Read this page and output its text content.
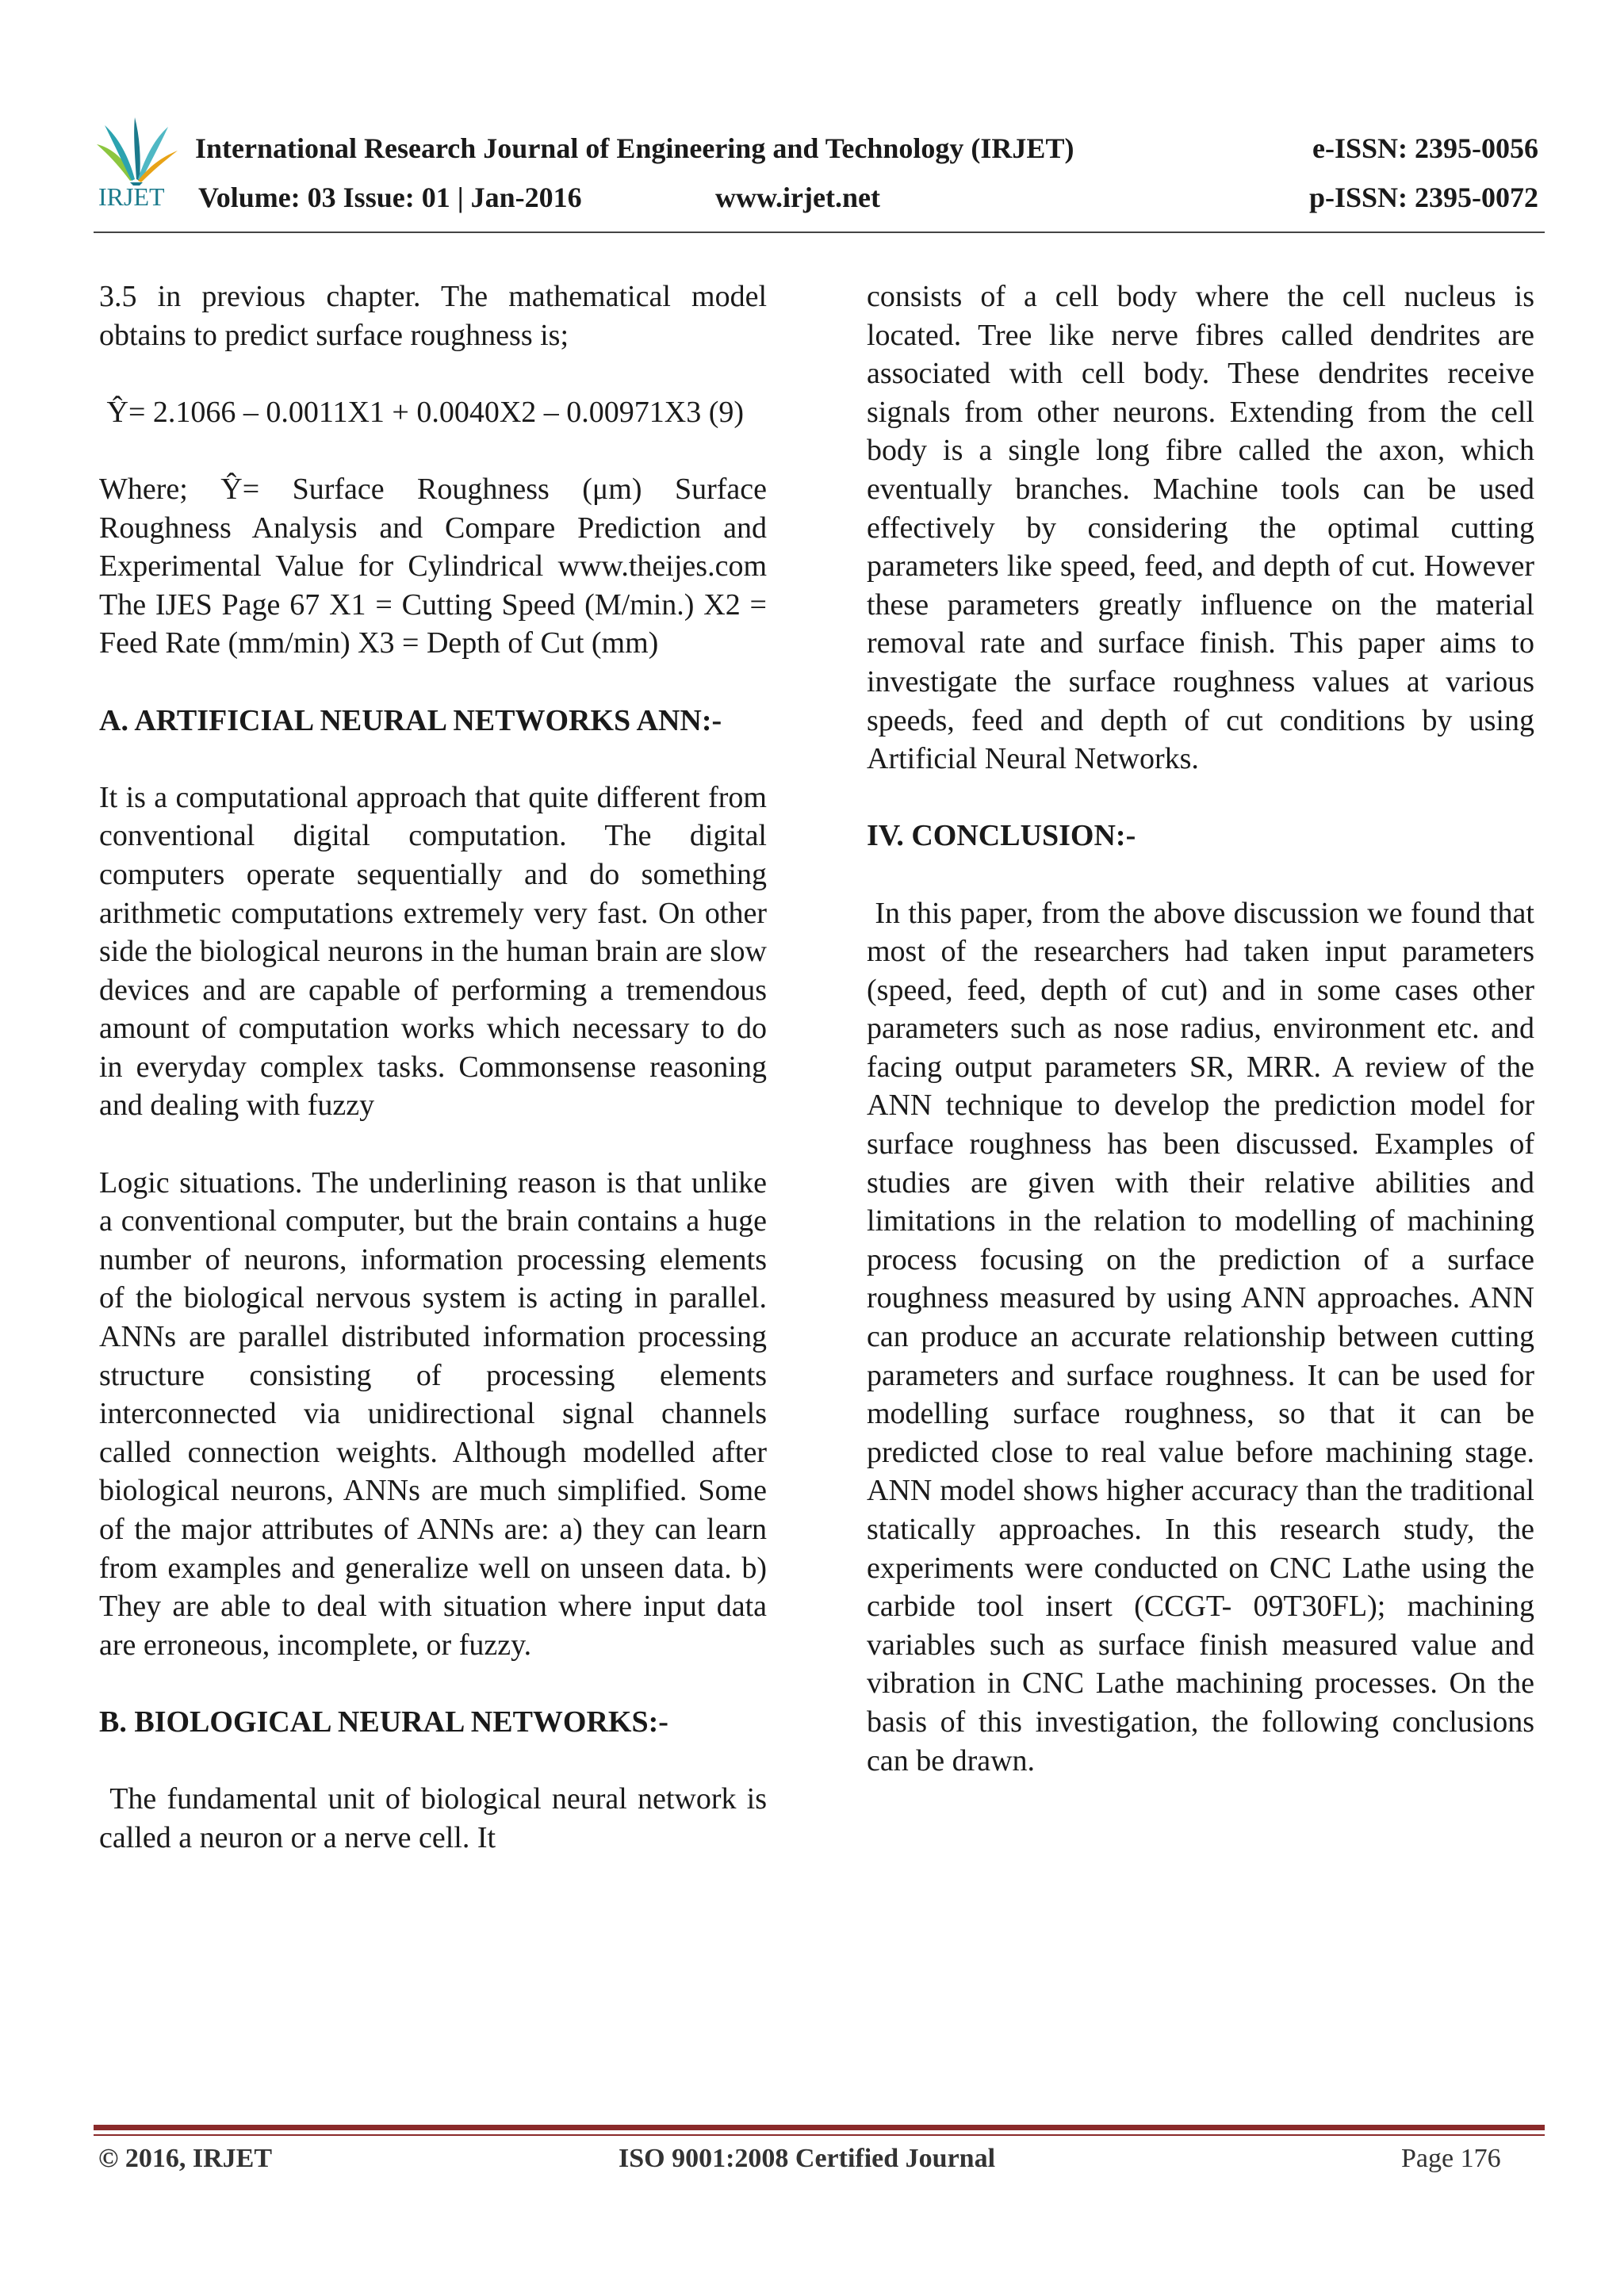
IRJET
International Research Journal of Engineering and Technology (IRJET)	e-ISSN: 2395-0056
Volume: 03 Issue: 01 | Jan-2016	www.irjet.net	p-ISSN: 2395-0072

3.5 in previous chapter. The mathematical model obtains to predict surface roughness is;

Ŷ= 2.1066 – 0.0011X1 + 0.0040X2 – 0.00971X3 (9)

Where; Ŷ= Surface Roughness (μm) Surface Roughness Analysis and Compare Prediction and Experimental Value for Cylindrical www.theijes.com The IJES Page 67 X1 = Cutting Speed (M/min.) X2 = Feed Rate (mm/min) X3 = Depth of Cut (mm)

A. ARTIFICIAL NEURAL NETWORKS ANN:-

It is a computational approach that quite different from conventional digital computation. The digital computers operate sequentially and do something arithmetic computations extremely very fast. On other side the biological neurons in the human brain are slow devices and are capable of performing a tremendous amount of computation works which necessary to do in everyday complex tasks. Commonsense reasoning and dealing with fuzzy

Logic situations. The underlining reason is that unlike a conventional computer, but the brain contains a huge number of neurons, information processing elements of the biological nervous system is acting in parallel. ANNs are parallel distributed information processing structure consisting of processing elements interconnected via unidirectional signal channels called connection weights. Although modelled after biological neurons, ANNs are much simplified. Some of the major attributes of ANNs are: a) they can learn from examples and generalize well on unseen data. b) They are able to deal with situation where input data are erroneous, incomplete, or fuzzy.

B. BIOLOGICAL NEURAL NETWORKS:-

The fundamental unit of biological neural network is called a neuron or a nerve cell. It

consists of a cell body where the cell nucleus is located. Tree like nerve fibres called dendrites are associated with cell body. These dendrites receive signals from other neurons. Extending from the cell body is a single long fibre called the axon, which eventually branches. Machine tools can be used effectively by considering the optimal cutting parameters like speed, feed, and depth of cut. However these parameters greatly influence on the material removal rate and surface finish. This paper aims to investigate the surface roughness values at various speeds, feed and depth of cut conditions by using Artificial Neural Networks.

IV. CONCLUSION:-

In this paper, from the above discussion we found that most of the researchers had taken input parameters (speed, feed, depth of cut) and in some cases other parameters such as nose radius, environment etc. and facing output parameters SR, MRR. A review of the ANN technique to develop the prediction model for surface roughness has been discussed. Examples of studies are given with their relative abilities and limitations in the relation to modelling of machining process focusing on the prediction of a surface roughness measured by using ANN approaches. ANN can produce an accurate relationship between cutting parameters and surface roughness. It can be used for modelling surface roughness, so that it can be predicted close to real value before machining stage. ANN model shows higher accuracy than the traditional statically approaches. In this research study, the experiments were conducted on CNC Lathe using the carbide tool insert (CCGT- 09T30FL); machining variables such as surface finish measured value and vibration in CNC Lathe machining processes. On the basis of this investigation, the following conclusions can be drawn.

© 2016, IRJET	ISO 9001:2008 Certified Journal	Page 176
